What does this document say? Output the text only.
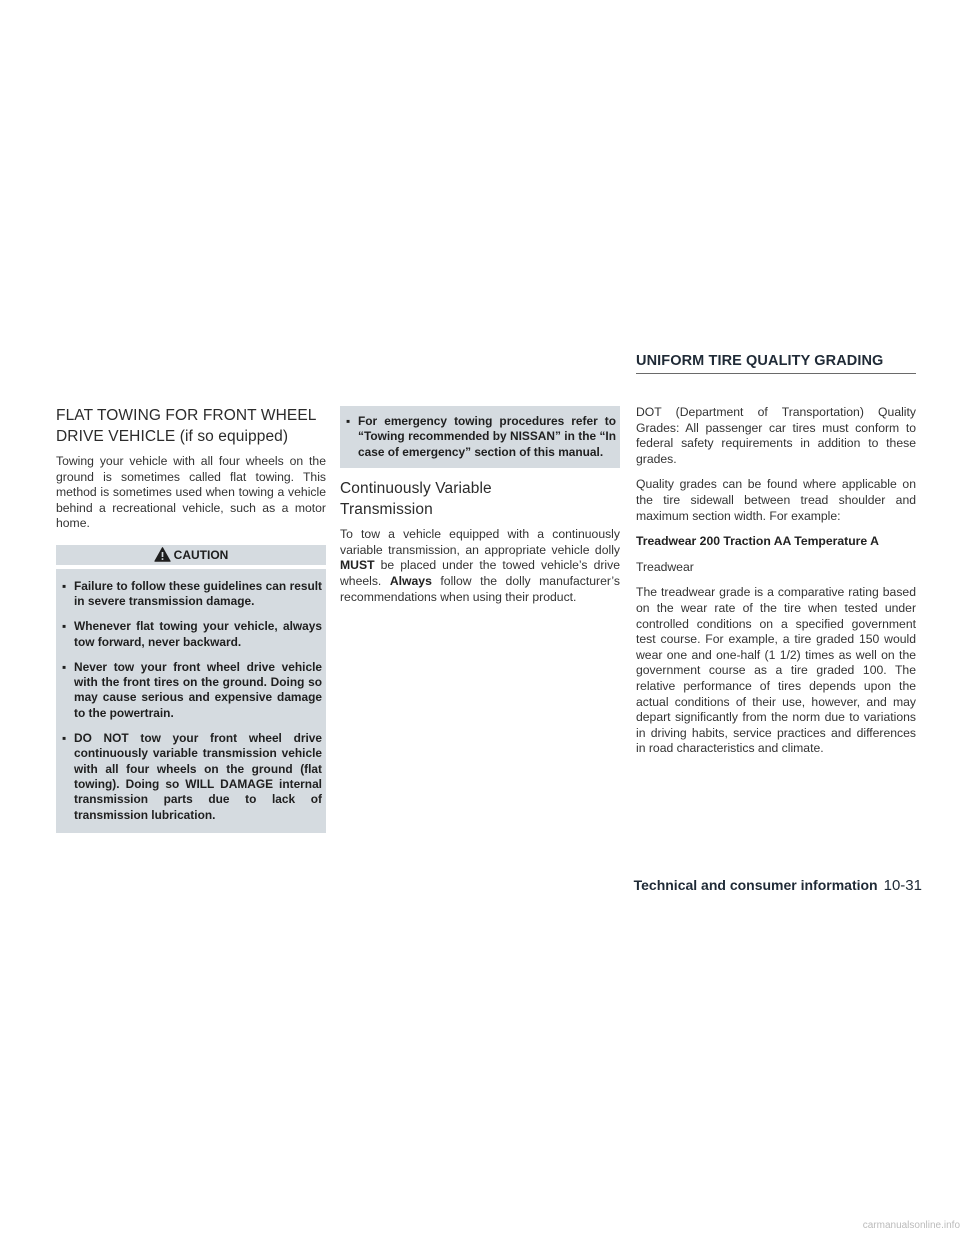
UNIFORM TIRE QUALITY GRADING
FLAT TOWING FOR FRONT WHEEL
DRIVE VEHICLE (if so equipped)

Towing your vehicle with all four wheels on the ground is sometimes called flat towing. This method is sometimes used when towing a vehicle behind a recreational vehicle, such as a motor home.

CAUTION
▪ Failure to follow these guidelines can result in severe transmission damage.
▪ Whenever flat towing your vehicle, always tow forward, never backward.
▪ Never tow your front wheel drive vehicle with the front tires on the ground. Doing so may cause serious and expensive damage to the powertrain.
▪ DO NOT tow your front wheel drive continuously variable transmission vehicle with all four wheels on the ground (flat towing). Doing so WILL DAMAGE internal transmission parts due to lack of transmission lubrication.
▪ For emergency towing procedures refer to “Towing recommended by NISSAN” in the “In case of emergency” section of this manual.
Continuously Variable
Transmission

To tow a vehicle equipped with a continuously variable transmission, an appropriate vehicle dolly MUST be placed under the towed vehicle’s drive wheels. Always follow the dolly manufacturer’s recommendations when using their product.

DOT (Department of Transportation) Quality Grades: All passenger car tires must conform to federal safety requirements in addition to these grades.

Quality grades can be found where applicable on the tire sidewall between tread shoulder and maximum section width. For example:

Treadwear 200 Traction AA Temperature A

Treadwear

The treadwear grade is a comparative rating based on the wear rate of the tire when tested under controlled conditions on a specified government test course. For example, a tire graded 150 would wear one and one-half (1 1/2) times as well on the government course as a tire graded 100. The relative performance of tires depends upon the actual conditions of their use, however, and may depart significantly from the norm due to variations in driving habits, service practices and differences in road characteristics and climate.

Technical and consumer information 10-31
carmanualsonline.info
